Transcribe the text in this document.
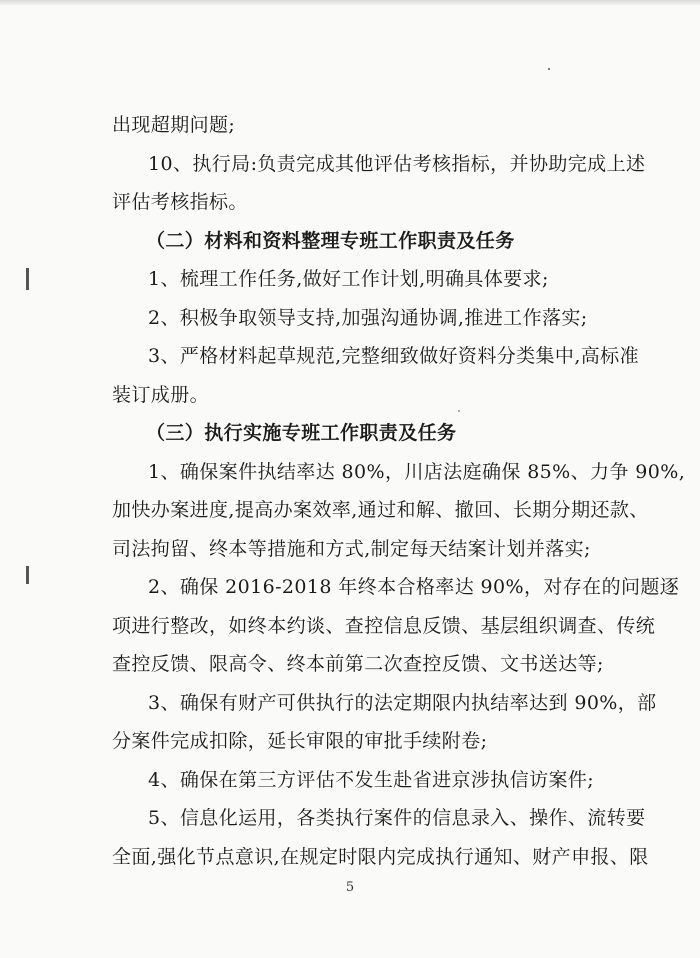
出现超期问题;
10、执行局:负责完成其他评估考核指标，并协助完成上述
评估考核指标。
（二）材料和资料整理专班工作职责及任务
1、梳理工作任务,做好工作计划,明确具体要求;
2、积极争取领导支持,加强沟通协调,推进工作落实;
3、严格材料起草规范,完整细致做好资料分类集中,高标准
装订成册。
（三）执行实施专班工作职责及任务
1、确保案件执结率达 80%，川店法庭确保 85%、力争 90%,
加快办案进度,提高办案效率,通过和解、撤回、长期分期还款、
司法拘留、终本等措施和方式,制定每天结案计划并落实;
2、确保 2016-2018 年终本合格率达 90%，对存在的问题逐
项进行整改，如终本约谈、查控信息反馈、基层组织调查、传统
查控反馈、限高令、终本前第二次查控反馈、文书送达等;
3、确保有财产可供执行的法定期限内执结率达到 90%，部
分案件完成扣除，延长审限的审批手续附卷;
4、确保在第三方评估不发生赴省进京涉执信访案件;
5、信息化运用，各类执行案件的信息录入、操作、流转要
全面,强化节点意识,在规定时限内完成执行通知、财产申报、限
5
